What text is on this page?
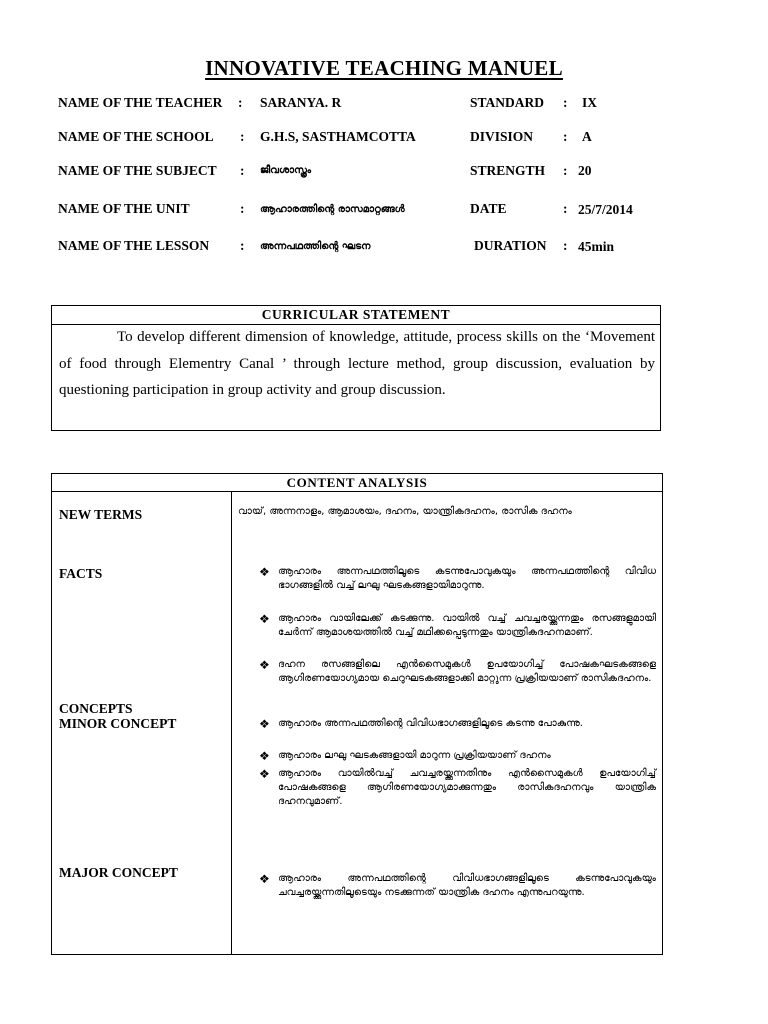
INNOVATIVE TEACHING MANUEL
NAME OF THE TEACHER : SARANYA. R
NAME OF THE SCHOOL : G.H.S, SASTHAMCOTTA
NAME OF THE SUBJECT : ജീവശാസ്ത്രം
NAME OF THE UNIT	: ആഹാരത്തിന്റെ രാസമാറ്റങ്ങൾ
NAME OF THE LESSON : അന്നപഥത്തിന്റെ ഘടന
STANDARD : IX
DIVISION : A
STRENGTH : 20
DATE	: 25/7/2014
DURATION : 45min
CURRICULAR STATEMENT
To develop different dimension of knowledge, attitude, process skills on the ‘Movement of food through Elementry Canal ’ through lecture method, group discussion, evaluation by questioning participation in group activity and group discussion.
CONTENT ANALYSIS
NEW TERMS
FACTS
CONCEPTS
MINOR CONCEPT
MAJOR CONCEPT
വായ്, അന്നനാളം, ആമാശയം, ദഹനം, യാന്ത്രികദഹനം, രാസിക ദഹനം
❖ ആഹാരം അന്നപഥത്തിലൂടെ കടന്നുപോവുകയും അന്നപഥത്തിന്റെ വിവിധ ഭാഗങ്ങളിൽ വച്ച് ലഘു ഘടകങ്ങളായിമാറുന്നു.
❖ ആഹാരം വായിലേക്ക് കടക്കുന്നു. വായിൽ വച്ച് ചവച്ചരയ്ക്കുന്നതും രസങ്ങളുമായി ചേർന്ന് ആമാശയത്തിൽ വച്ച് മഥിക്കപ്പെടുന്നതും യാന്ത്രികദഹനമാണ്.
❖ ദഹന രസങ്ങളിലെ എൻസൈമുകൾ ഉപയോഗിച്ച് പോഷകഘടകങ്ങളെ ആഗിരണയോഗ്യമായ ചെറുഘടകങ്ങളാക്കി മാറ്റുന്ന പ്രക്രിയയാണ് രാസികദഹനം.
❖ ആഹാരം അന്നപഥത്തിന്റെ വിവിധഭാഗങ്ങളിലൂടെ കടന്നു പോകുന്നു.
❖ ആഹാരം ലഘു ഘടകങ്ങളായി മാറുന്ന പ്രക്രിയയാണ് ദഹനം
❖ ആഹാരം വായിൽവച്ച് ചവച്ചരയ്ക്കുന്നതിനും എൻസൈമുകൾ ഉപയോഗിച്ച് പോഷകങ്ങളെ ആഗിരണയോഗ്യമാക്കുന്നതും രാസികദഹനവും യാന്ത്രിക ദഹനവുമാണ്.
❖ ആഹാരം അന്നപഥത്തിന്റെ വിവിധഭാഗങ്ങളിലൂടെ കടന്നുപോവുകയും ചവച്ചരയ്ക്കുന്നതിലൂടെയും നടക്കുന്നത് യാന്ത്രിക ദഹനം എന്നുപറയുന്നു.
